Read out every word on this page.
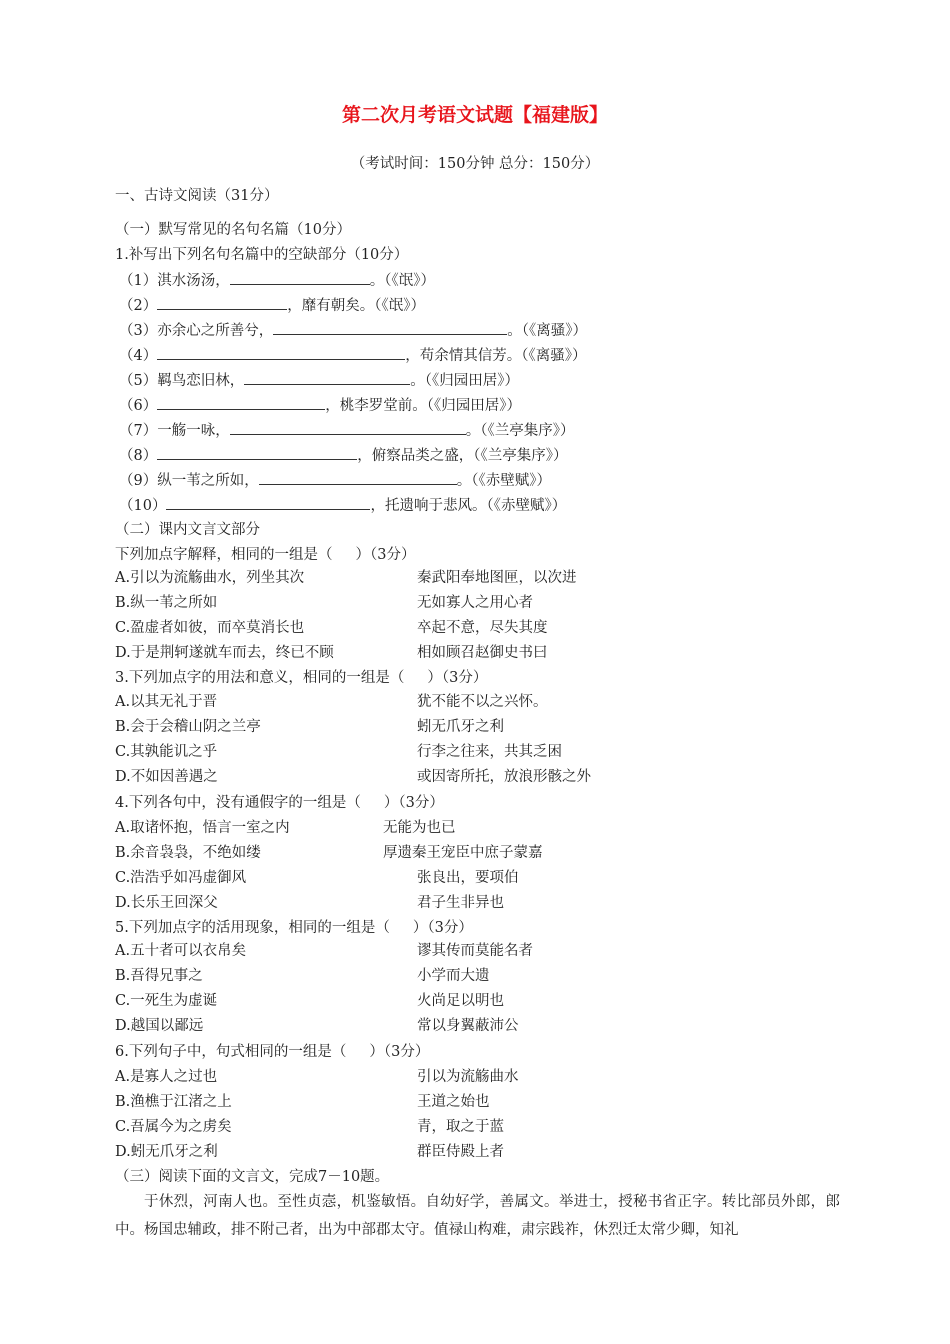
第二次月考语文试题【福建版】
（考试时间：150分钟 总分：150分）
一、古诗文阅读（31分）
（一）默写常见的名句名篇（10分）
1.补写出下列名句名篇中的空缺部分（10分）
（1）淇水汤汤，	。（《氓》）
（2）	，靡有朝矣。（《氓》）
（3）亦余心之所善兮，	。（《离骚》）
（4）	，苟余情其信芳。（《离骚》）
（5）羁鸟恋旧林，	。（《归园田居》）
（6）	，桃李罗堂前。（《归园田居》）
（7）一觞一咏，	。（《兰亭集序》）
（8）	，俯察品类之盛，（《兰亭集序》）
（9）纵一苇之所如，	。（《赤壁赋》）
（10）	，托遗响于悲风。（《赤壁赋》）
（二）课内文言文部分
下列加点字解释，相同的一组是（     ）（3分）
A.引以为流觞曲水，列坐其次	秦武阳奉地图匣，以次进
B.纵一苇之所如	无如寡人之用心者
C.盈虚者如彼，而卒莫消长也	卒起不意，尽失其度
D.于是荆轲遂就车而去，终已不顾	相如顾召赵御史书曰
3.下列加点字的用法和意义，相同的一组是（     ）（3分）
A.以其无礼于晋	犹不能不以之兴怀。
B.会于会稽山阴之兰亭	蚓无爪牙之利
C.其孰能讥之乎	行李之往来，共其乏困
D.不如因善遇之	或因寄所托，放浪形骸之外
4.下列各句中，没有通假字的一组是（     ）（3分）
A.取诸怀抱，悟言一室之内	无能为也已
B.余音袅袅，不绝如缕	厚遗秦王宠臣中庶子蒙嘉
C.浩浩乎如冯虚御风	张良出，要项伯
D.长乐王回深父	君子生非异也
5.下列加点字的活用现象，相同的一组是（     ）（3分）
A.五十者可以衣帛矣	谬其传而莫能名者
B.吾得兄事之	小学而大遗
C.一死生为虚诞	火尚足以明也
D.越国以鄙远	常以身翼蔽沛公
6.下列句子中，句式相同的一组是（     ）（3分）
A.是寡人之过也	引以为流觞曲水
B.渔樵于江渚之上	王道之始也
C.吾属今为之虏矣	青，取之于蓝
D.蚓无爪牙之利	群臣侍殿上者
（三）阅读下面的文言文，完成7－10题。
于休烈，河南人也。至性贞悫，机鉴敏悟。自幼好学，善属文。举进士，授秘书省正字。转比部员外郎，郎中。杨国忠辅政，排不附己者，出为中部郡太守。值禄山构难，肃宗践祚，休烈迁太常少卿，知礼
